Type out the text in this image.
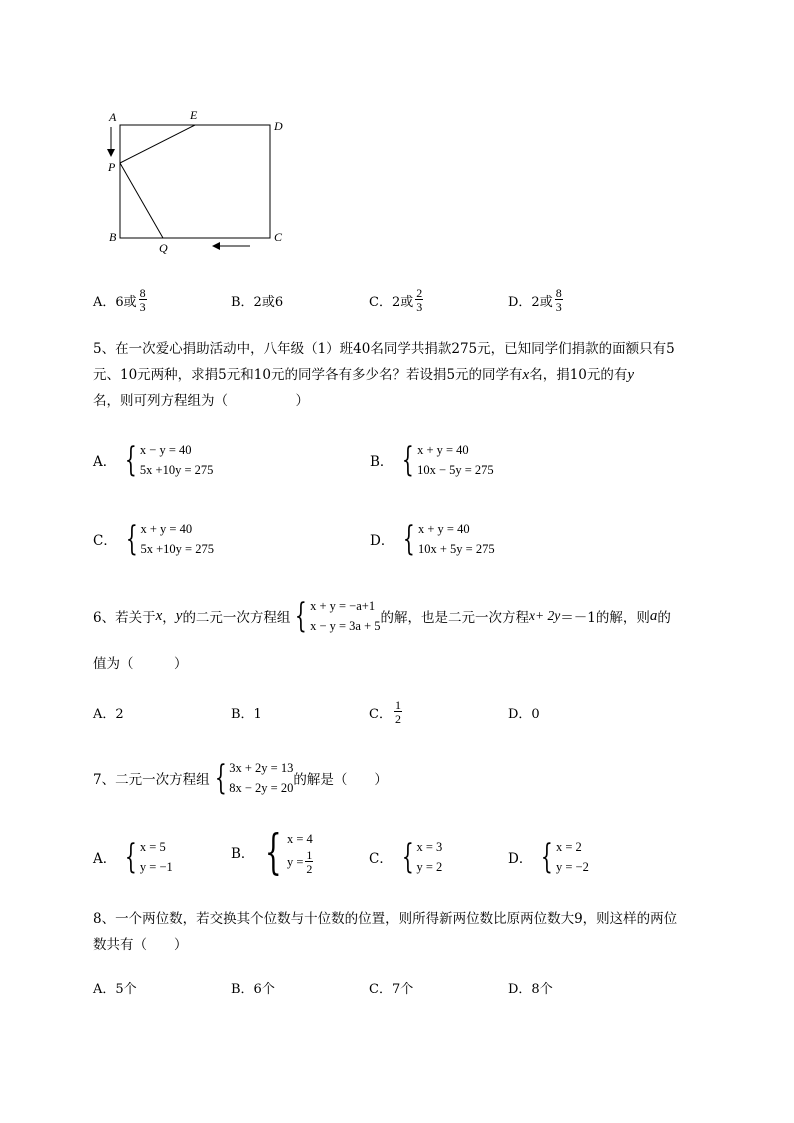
A	E
D
P
B
Q
C
A．6或 $\frac{8}{3}$	B．2或6	C．2或 $\frac{2}{3}$	D．2或 $\frac{8}{3}$
5、在一次爱心捐助活动中，八年级（1）班40名同学共捐款275元，已知同学们捐款的面额只有5
元、10元两种，求捐5元和10元的同学各有多少名？若设捐5元的同学有x名，捐10元的有y
名，则可列方程组为（　　　　　）
A． { x − y = 40
5x +10y = 275	B． { x + y = 40
10x − 5y = 275
C． { x + y = 40
5x +10y = 275	D． { x + y = 40
10x + 5y = 275
6、若关于 x ， y 的二元一次方程组 { x + y = −a+1
x − y = 3a + 5 的解，也是二元一次方程 x+ 2y ＝－1的解，则 a 的
值为（　　　）
A．2	B．1	C． $\frac{1}{2}$	D．0
7、二元一次方程组 { 3x + 2y = 13
8x − 2y = 20 的解是（　　）
A． { x = 5
y = −1
B． { x = 4
$y = \frac{1}{2}$	C． { x = 3
y = 2	D． { x = 2
y = −2
8、一个两位数，若交换其个位数与十位数的位置，则所得新两位数比原两位数大9，则这样的两位
数共有（　　）
A．5个	B．6个	C．7个	D．8个
